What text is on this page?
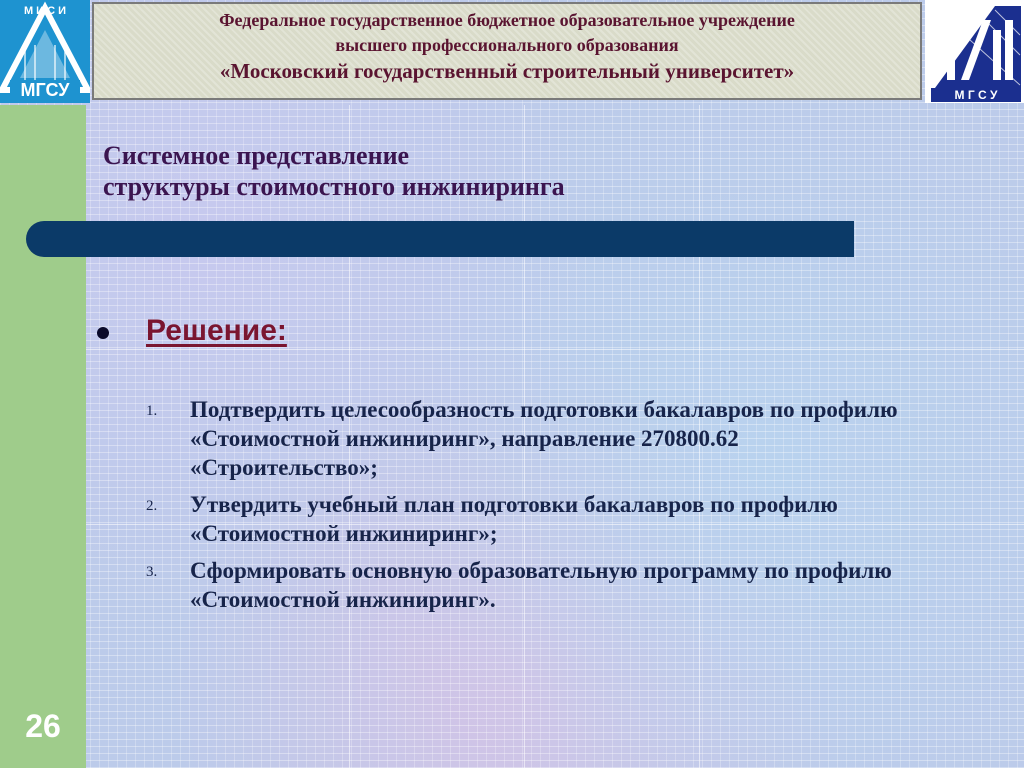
26
М И С И
МГСУ
Федеральное государственное бюджетное образовательное учреждение
высшего профессионального образования
«Московский государственный строительный университет»
М Г С У
Системное представление
структуры стоимостного инжиниринга
Решение:
1. Подтвердить целесообразность подготовки бакалавров по профилю «Стоимостной инжиниринг», направление 270800.62 «Строительство»;
2. Утвердить учебный план подготовки бакалавров по профилю «Стоимостной инжиниринг»;
3. Сформировать основную образовательную программу по профилю «Стоимостной инжиниринг».
